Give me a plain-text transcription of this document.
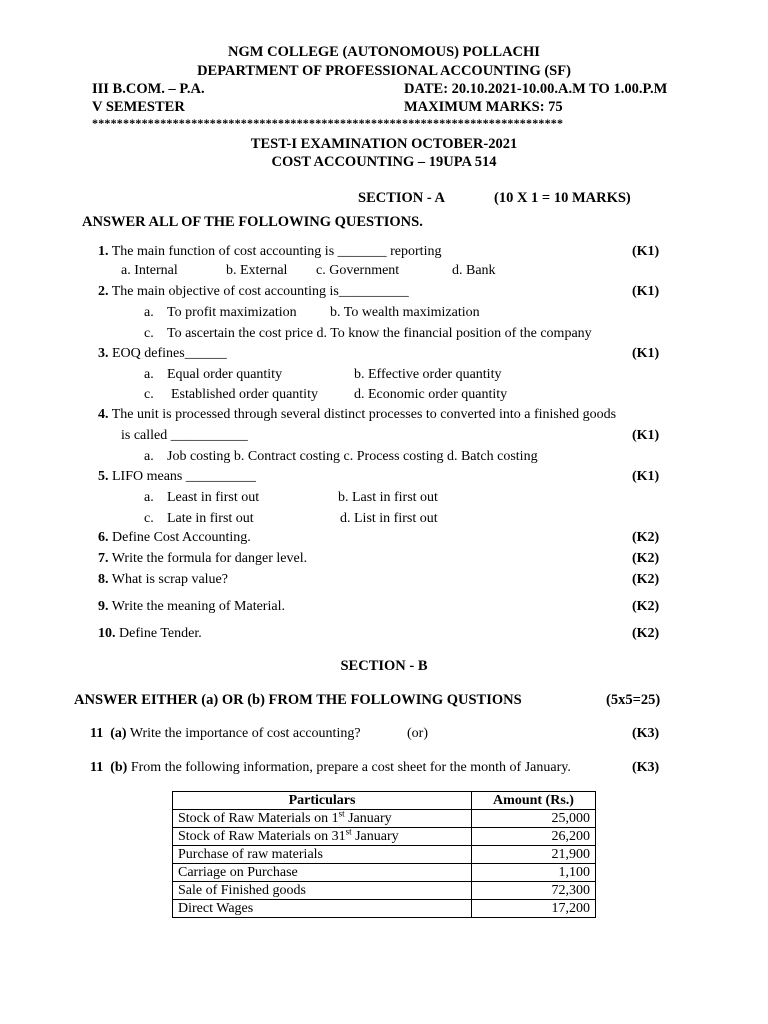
NGM COLLEGE (AUTONOMOUS) POLLACHI
DEPARTMENT OF PROFESSIONAL ACCOUNTING (SF)
III B.COM. – P.A.	DATE: 20.10.2021-10.00.A.M TO 1.00.P.M
V SEMESTER	MAXIMUM MARKS: 75
****************************************************************************
TEST-I EXAMINATION OCTOBER-2021
COST ACCOUNTING – 19UPA 514
SECTION - A	(10 X 1 = 10 MARKS)
ANSWER ALL OF THE FOLLOWING QUESTIONS.
1. The main function of cost accounting is _______ reporting	(K1)
a. Internal	b. External c. Government	d. Bank
2. The main objective of cost accounting is__________	(K1)
a. To profit maximization b. To wealth maximization
c. To ascertain the cost price d. To know the financial position of the company
3. EOQ defines______	(K1)
a. Equal order quantity	b. Effective order quantity
c. Established order quantity	d. Economic order quantity
4. The unit is processed through several distinct processes to converted into a finished goods
is called ___________	(K1)
a. Job costing b. Contract costing c. Process costing d. Batch costing
5. LIFO means __________	(K1)
a. Least in first out	b. Last in first out
c. Late in first out	d. List in first out
6. Define Cost Accounting.	(K2)
7. Write the formula for danger level.	(K2)
8. What is scrap value?	(K2)
9. Write the meaning of Material.	(K2)
10. Define Tender.	(K2)
SECTION - B
ANSWER EITHER (a) OR (b) FROM THE FOLLOWING QUSTIONS	(5x5=25)
11 (a) Write the importance of cost accounting?	(or)	(K3)
11 (b) From the following information, prepare a cost sheet for the month of January.	(K3)
Particulars	Amount (Rs.)
Stock of Raw Materials on 1st January	25,000
Stock of Raw Materials on 31st January	26,200
Purchase of raw materials	21,900
Carriage on Purchase	1,100
Sale of Finished goods	72,300
Direct Wages	17,200
